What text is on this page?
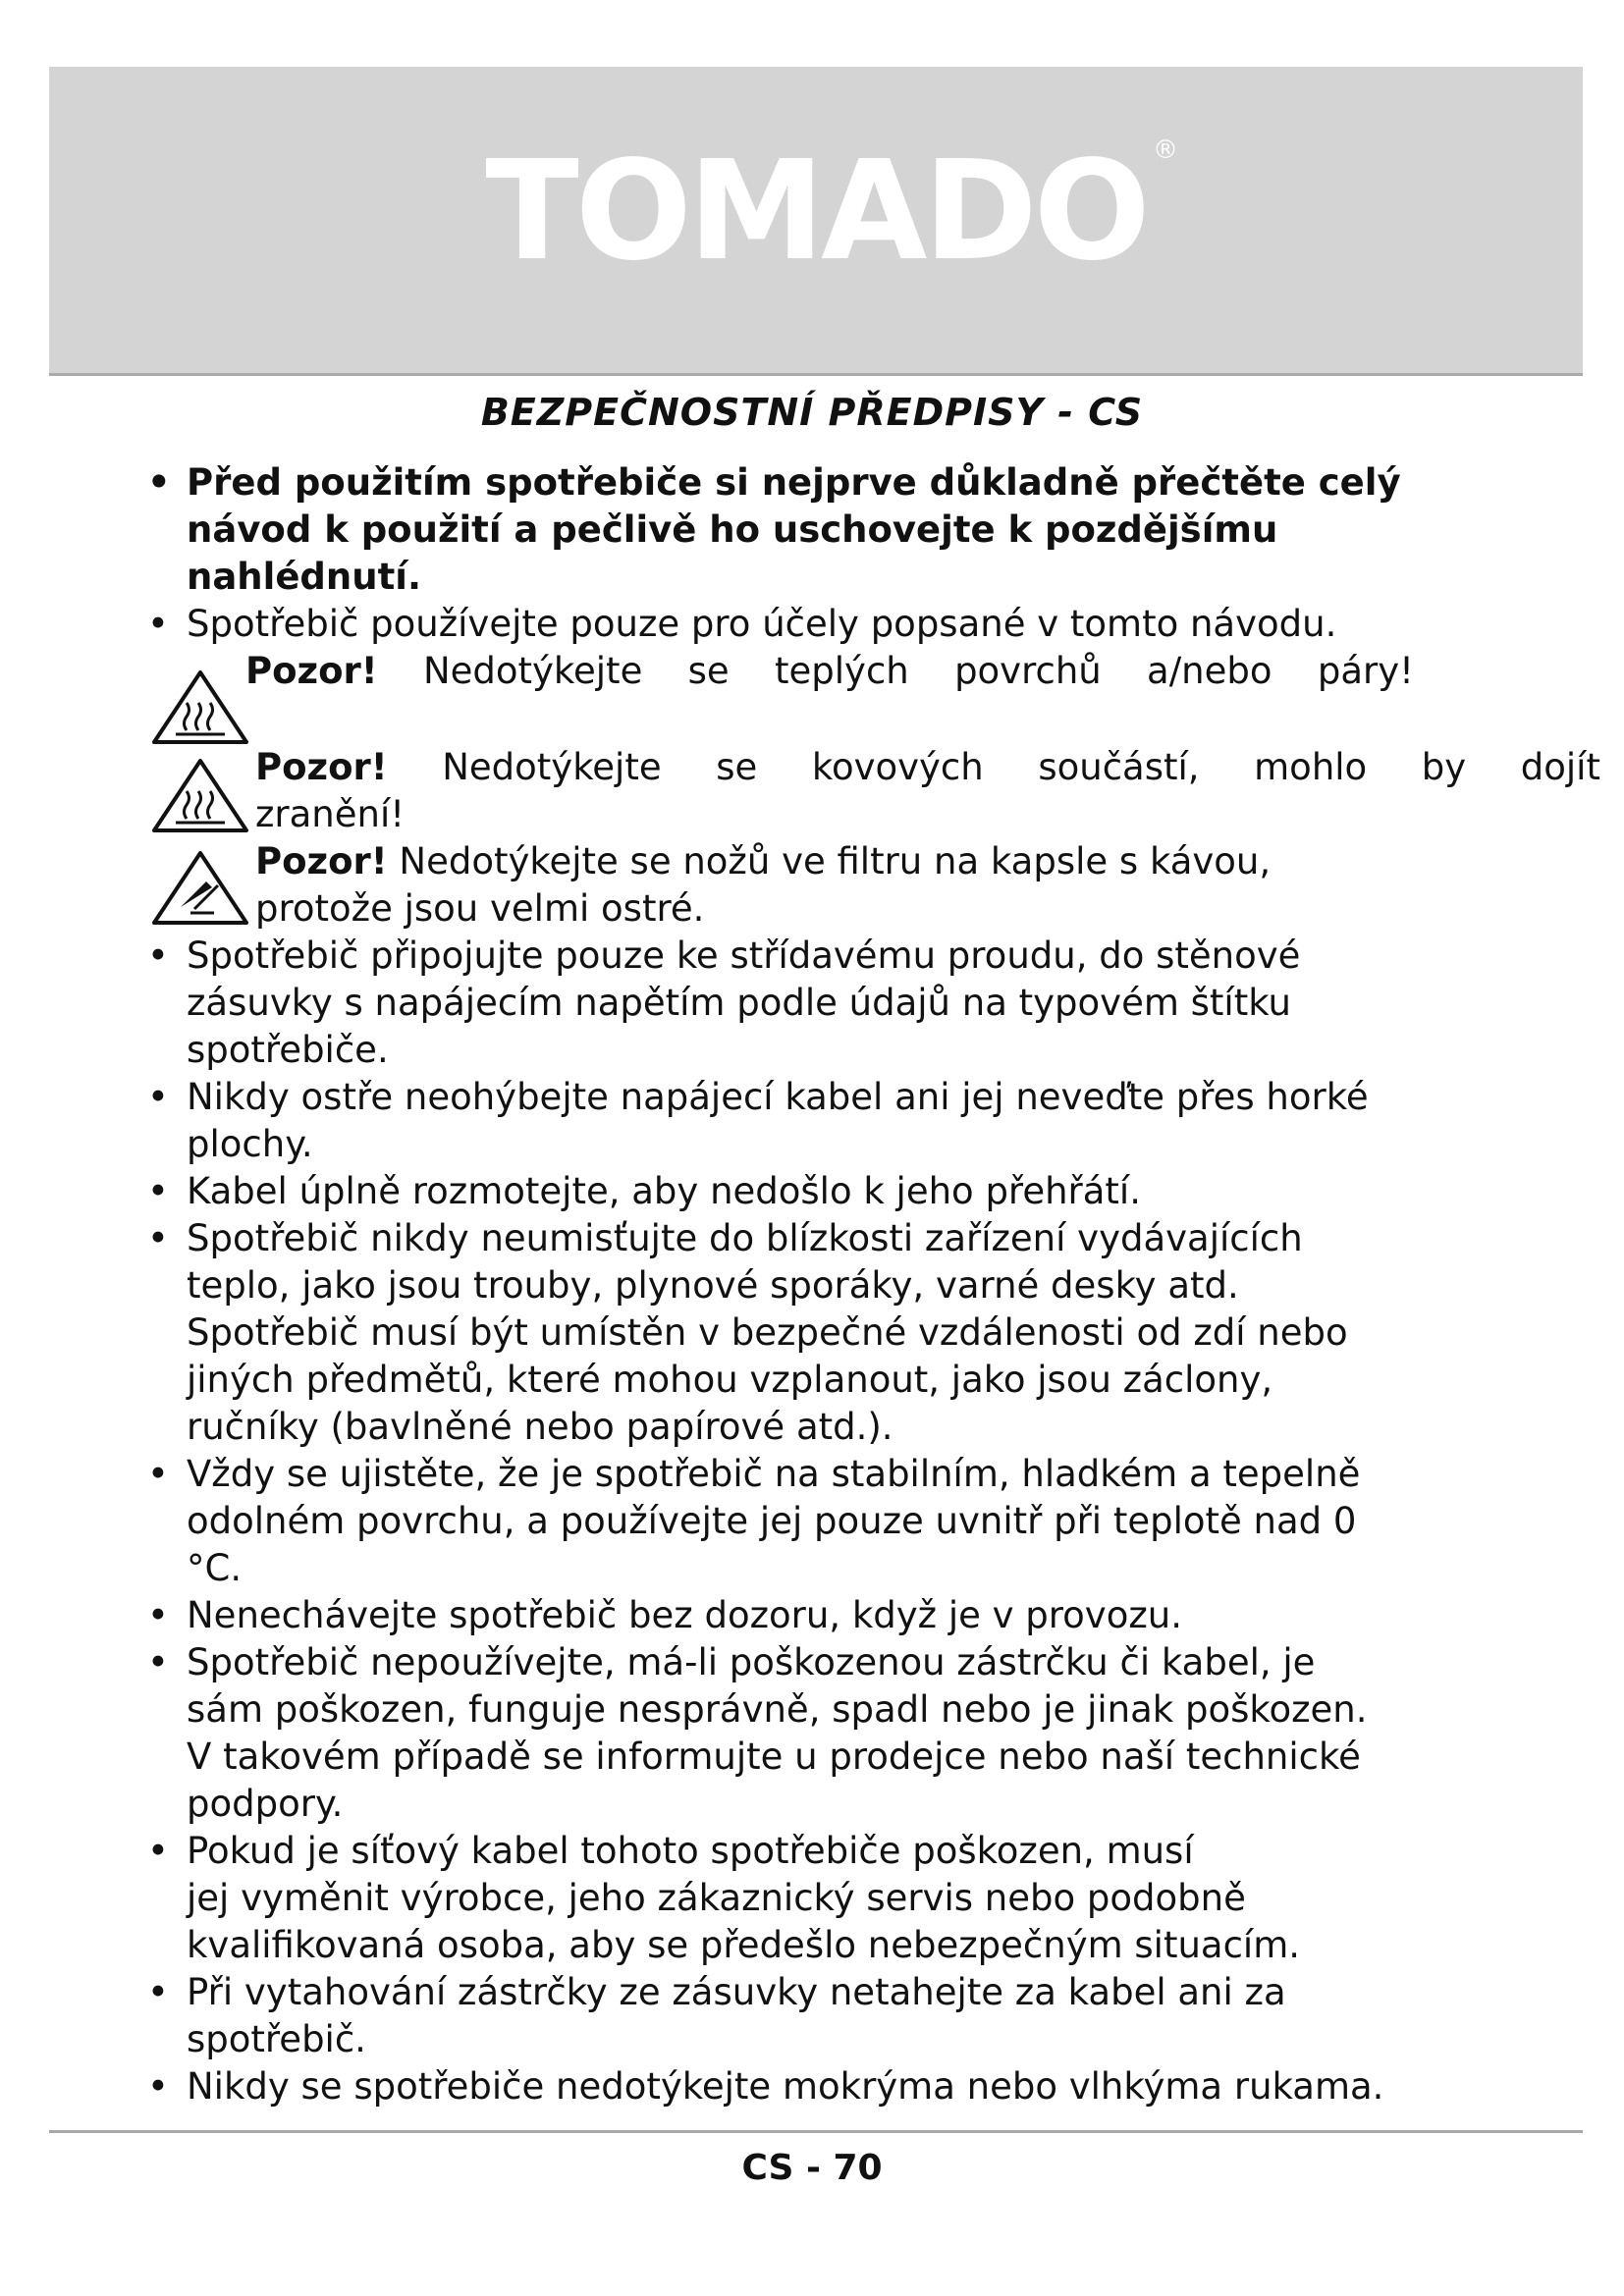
TOMADO ®
BEZPEČNOSTNÍ PŘEDPISY - CS
• Před použitím spotřebiče si nejprve důkladně přečtěte celý
návod k použití a pečlivě ho uschovejte k pozdějšímu nahlédnutí.
• Spotřebič používejte pouze pro účely popsané v tomto návodu.
Pozor! Nedotýkejte se teplých povrchů a/nebo páry!
Pozor! Nedotýkejte se kovových součástí, mohlo by dojít
zranění!
Pozor! Nedotýkejte se nožů ve filtru na kapsle s kávou,
protože jsou velmi ostré.
• Spotřebič připojujte pouze ke střídavému proudu, do stěnové
zásuvky s napájecím napětím podle údajů na typovém štítku
spotřebiče.
• Nikdy ostře neohýbejte napájecí kabel ani jej neveďte přes horké
plochy.
• Kabel úplně rozmotejte, aby nedošlo k jeho přehřátí.
• Spotřebič nikdy neumisťujte do blízkosti zařízení vydávajících
teplo, jako jsou trouby, plynové sporáky, varné desky atd.
Spotřebič musí být umístěn v bezpečné vzdálenosti od zdí nebo
jiných předmětů, které mohou vzplanout, jako jsou záclony,
ručníky (bavlněné nebo papírové atd.).
• Vždy se ujistěte, že je spotřebič na stabilním, hladkém a tepelně
odolném povrchu, a používejte jej pouze uvnitř při teplotě nad 0
°C.
• Nenechávejte spotřebič bez dozoru, když je v provozu.
• Spotřebič nepoužívejte, má-li poškozenou zástrčku či kabel, je
sám poškozen, funguje nesprávně, spadl nebo je jinak poškozen.
V takovém případě se informujte u prodejce nebo naší technické
podpory.
• Pokud je síťový kabel tohoto spotřebiče poškozen, musí
jej vyměnit výrobce, jeho zákaznický servis nebo podobně
kvalifikovaná osoba, aby se předešlo nebezpečným situacím.
• Při vytahování zástrčky ze zásuvky netahejte za kabel ani za
spotřebič.
• Nikdy se spotřebiče nedotýkejte mokrýma nebo vlhkýma rukama.
CS - 70
